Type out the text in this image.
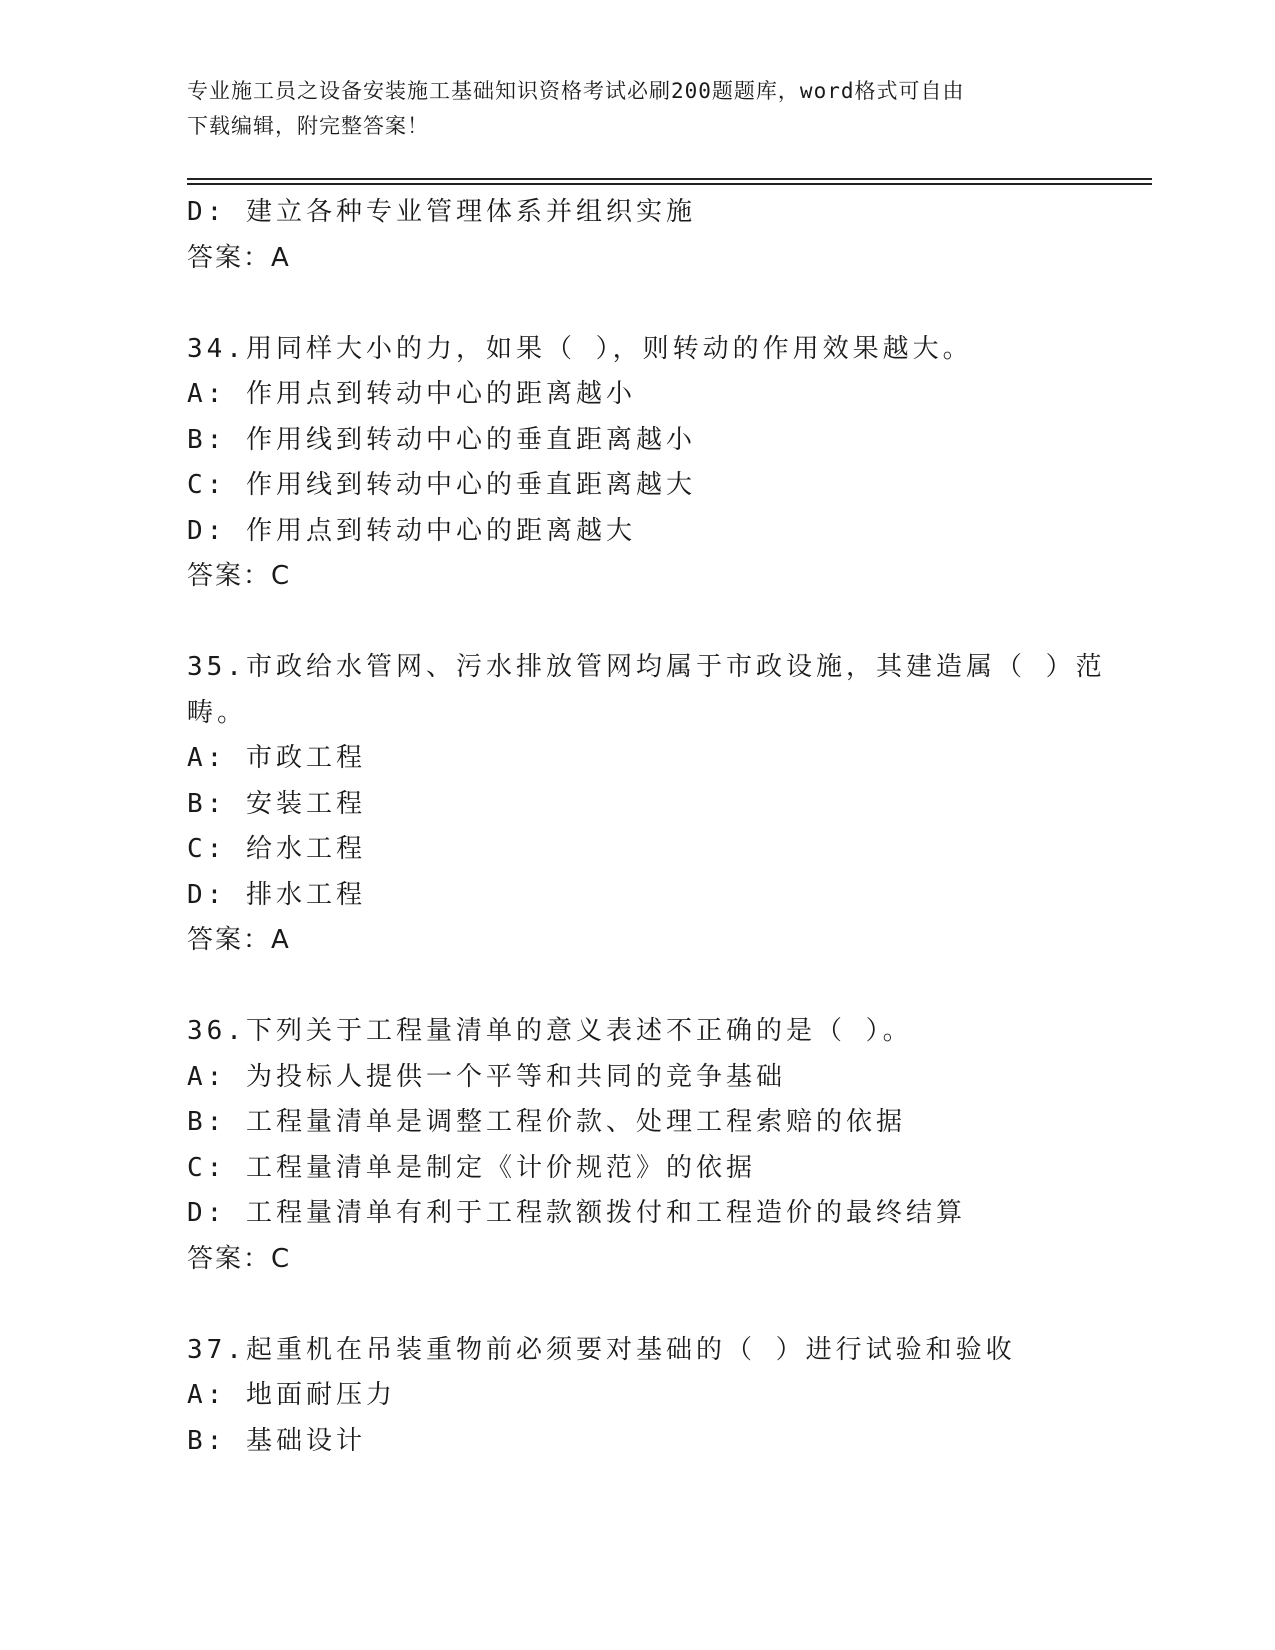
专业施工员之设备安装施工基础知识资格考试必刷200题题库，word格式可自由
下载编辑，附完整答案！
D: 建立各种专业管理体系并组织实施
答案：A
34.用同样大小的力，如果（ ），则转动的作用效果越大。
A: 作用点到转动中心的距离越小
B: 作用线到转动中心的垂直距离越小
C: 作用线到转动中心的垂直距离越大
D: 作用点到转动中心的距离越大
答案：C
35.市政给水管网、污水排放管网均属于市政设施，其建造属（ ）范
畴。
A: 市政工程
B: 安装工程
C: 给水工程
D: 排水工程
答案：A
36.下列关于工程量清单的意义表述不正确的是（ ）。
A: 为投标人提供一个平等和共同的竞争基础
B: 工程量清单是调整工程价款、处理工程索赔的依据
C: 工程量清单是制定《计价规范》的依据
D: 工程量清单有利于工程款额拨付和工程造价的最终结算
答案：C
37.起重机在吊装重物前必须要对基础的（ ）进行试验和验收
A: 地面耐压力
B: 基础设计
